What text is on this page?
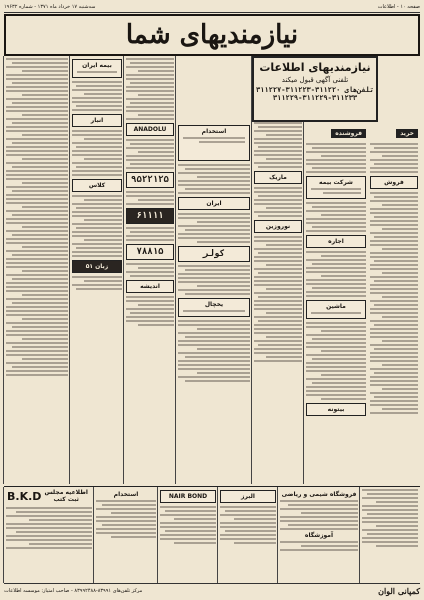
صفحه ۱۰ - اطلاعات
سه‌شنبه ۱۷ خرداد ماه ۱۳۷۱ - شماره ۱۹۶۳۲
نیازمندیهای شما
خرید
فروش
فروشنده
شرکت بیمه
اجاره
ماشین
بیتونه
ماریک
نوروزین
استخدام
ایران
کولر
یخچال
ANADOLU
۹۵۲۲۱۲۵
۶۱۱۱۱
۷۸۸۱۵
اندیشه
بیمه ایران
انبار
کلاس
زبان ۵۱
نیازمندیهای اطلاعات
تلفنی آگهی قبول میکند
تلفن‌های ۳۱۱۲۲۰-۳۱۱۲۲۳-۳۱۱۲۲۷
۳۱۱۲۲۹-۳۱۱۲۲۹-۳۱۱۲۳۳
فروشگاه شیمی و ریاضی
آموزشگاه
البرز
NAIR BOND
استخدام
اطلاعیه مجلس ثبت کتب
B.K.D
کمپانی الوان
مرکز تلفن‌های ۸۳۹۹۱-۸۳۹۹۲۴۸۸ - صاحب امتیاز: موسسه اطلاعات
